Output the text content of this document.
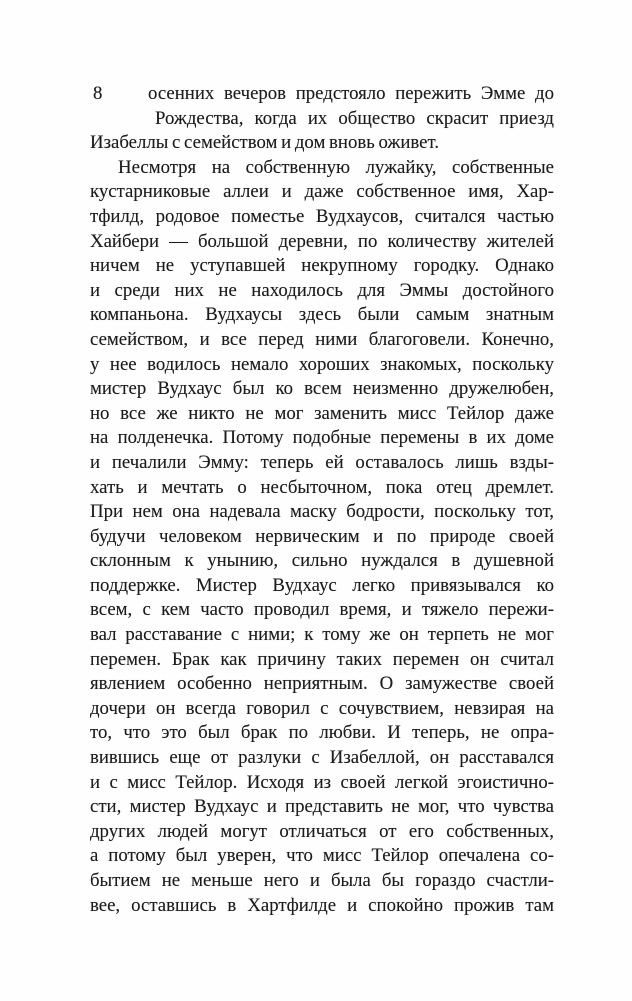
8 осенних вечеров предстояло пережить Эмме до
Рождества, когда их общество скрасит приезд
Изабеллы с семейством и дом вновь оживет.
Несмотря на собственную лужайку, собственные
кустарниковые аллеи и даже собственное имя, Хар-
тфилд, родовое поместье Вудхаусов, считался частью
Хайбери — большой деревни, по количеству жителей
ничем не уступавшей некрупному городку. Однако
и среди них не находилось для Эммы достойного
компаньона. Вудхаусы здесь были самым знатным
семейством, и все перед ними благоговели. Конечно,
у нее водилось немало хороших знакомых, поскольку
мистер Вудхаус был ко всем неизменно дружелюбен,
но все же никто не мог заменить мисс Тейлор даже
на полденечка. Потому подобные перемены в их доме
и печалили Эмму: теперь ей оставалось лишь взды-
хать и мечтать о несбыточном, пока отец дремлет.
При нем она надевала маску бодрости, поскольку тот,
будучи человеком нервическим и по природе своей
склонным к унынию, сильно нуждался в душевной
поддержке. Мистер Вудхаус легко привязывался ко
всем, с кем часто проводил время, и тяжело пережи-
вал расставание с ними; к тому же он терпеть не мог
перемен. Брак как причину таких перемен он считал
явлением особенно неприятным. О замужестве своей
дочери он всегда говорил с сочувствием, невзирая на
то, что это был брак по любви. И теперь, не опра-
вившись еще от разлуки с Изабеллой, он расставался
и с мисс Тейлор. Исходя из своей легкой эгоистично-
сти, мистер Вудхаус и представить не мог, что чувства
других людей могут отличаться от его собственных,
а потому был уверен, что мисс Тейлор опечалена со-
бытием не меньше него и была бы гораздо счастли-
вее, оставшись в Хартфилде и спокойно прожив там
